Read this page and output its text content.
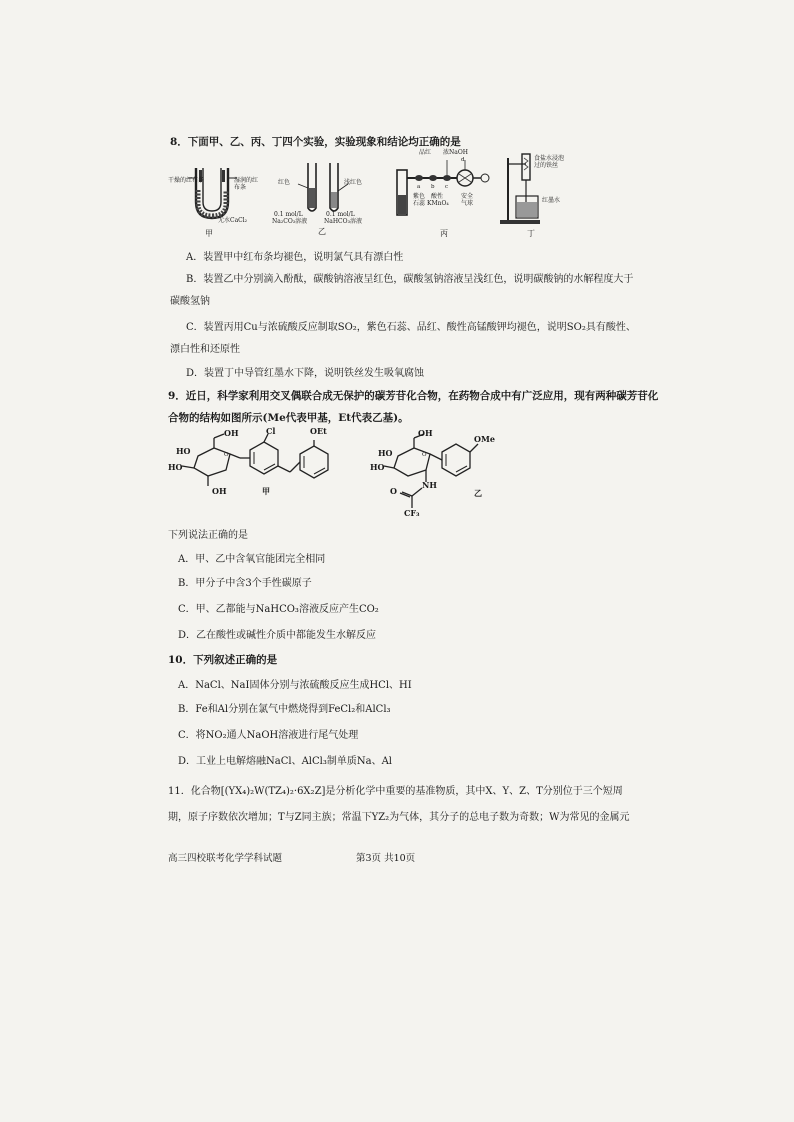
8．下面甲、乙、丙、丁四个实验，实验现象和结论均正确的是
干燥的红布条	湿润的红布条
无水CaCl₂
甲
红色	浅红色
0.1 mol/L
Na₂CO₃溶液
0.1 mol/L
NaHCO₃溶液
乙
品红 浓NaOH
d
a b c
紫色
石蕊
酸性
KMnO₄
安全
气球
丙
食盐水浸泡
过的铁丝
红墨水
丁
A．装置甲中红布条均褪色，说明氯气具有漂白性
B．装置乙中分别滴入酚酞，碳酸钠溶液呈红色，碳酸氢钠溶液呈浅红色，说明碳酸钠的水解程度大于
碳酸氢钠
C．装置丙用Cu与浓硫酸反应制取SO₂，紫色石蕊、品红、酸性高锰酸钾均褪色，说明SO₂具有酸性、
漂白性和还原性
D．装置丁中导管红墨水下降，说明铁丝发生吸氧腐蚀
9．近日，科学家利用交叉偶联合成无保护的碳芳苷化合物，在药物合成中有广泛应用，现有两种碳芳苷化
合物的结构如图所示(Me代表甲基，Et代表乙基)。
OH
HO
HO
OH
O
Cl	OEt
甲
OH
HO
HO
O
OMe
NH
O
CF₃
乙
下列说法正确的是
A．甲、乙中含氧官能团完全相同
B．甲分子中含3个手性碳原子
C．甲、乙都能与NaHCO₃溶液反应产生CO₂
D．乙在酸性或碱性介质中都能发生水解反应
10．下列叙述正确的是
A．NaCl、NaI固体分别与浓硫酸反应生成HCl、HI
B．Fe和Al分别在氯气中燃烧得到FeCl₂和AlCl₃
C．将NO₂通人NaOH溶液进行尾气处理
D．工业上电解熔融NaCl、AlCl₃制单质Na、Al
11．化合物[(YX₄)₂W(TZ₄)₂·6X₂Z]是分析化学中重要的基准物质，其中X、Y、Z、T分别位于三个短周
期，原子序数依次增加；T与Z同主族；常温下YZ₂为气体，其分子的总电子数为奇数；W为常见的金属元
高三四校联考化学学科试题	第3页 共10页
